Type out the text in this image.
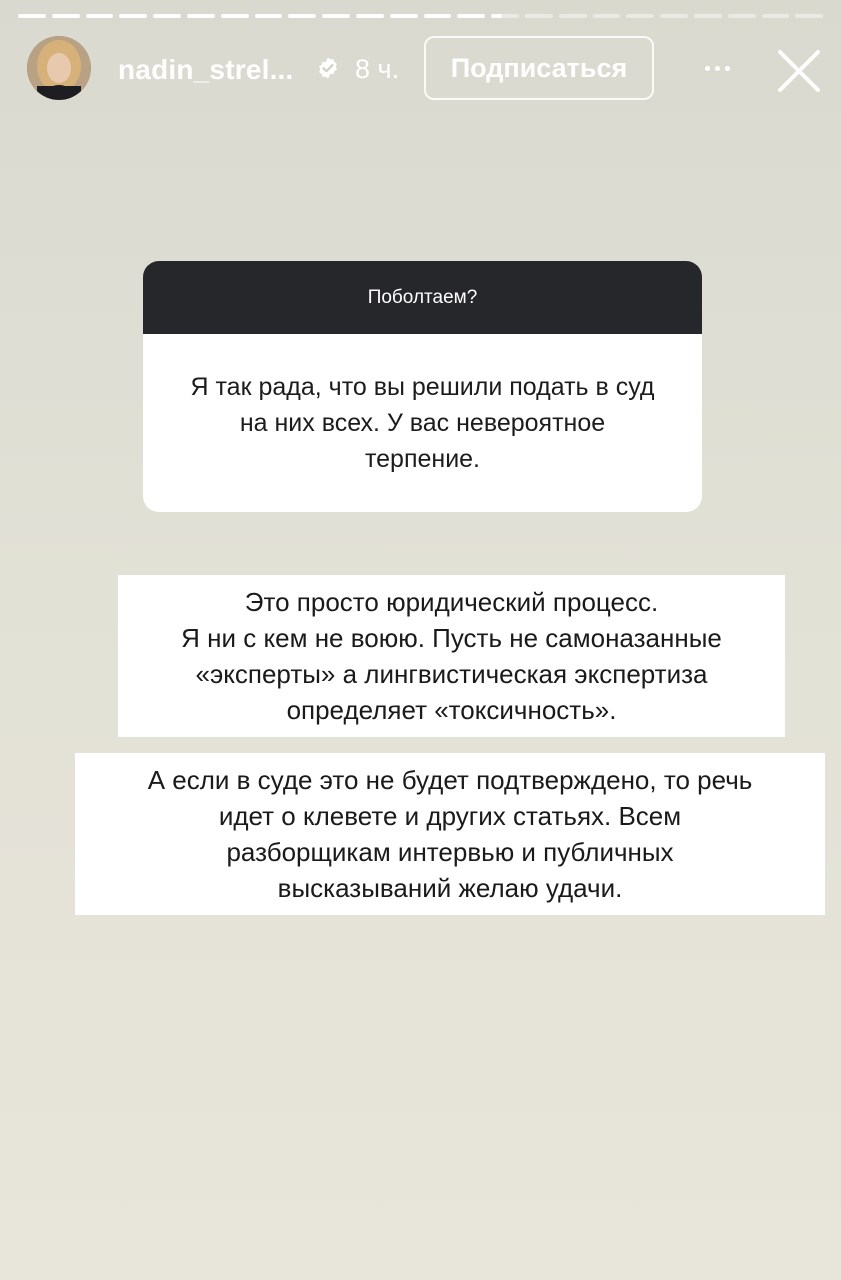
nadin_strel... 8 ч.	Подписаться
Поболтаем?
Я так рада, что вы решили подать в суд на них всех. У вас невероятное терпение.
Это просто юридический процесс.
Я ни с кем не воюю. Пусть не самоназанные
«эксперты» а лингвистическая экспертиза
определяет «токсичность».
А если в суде это не будет подтверждено, то речь
идет о клевете и других статьях. Всем
разборщикам интервью и публичных
высказываний желаю удачи.
